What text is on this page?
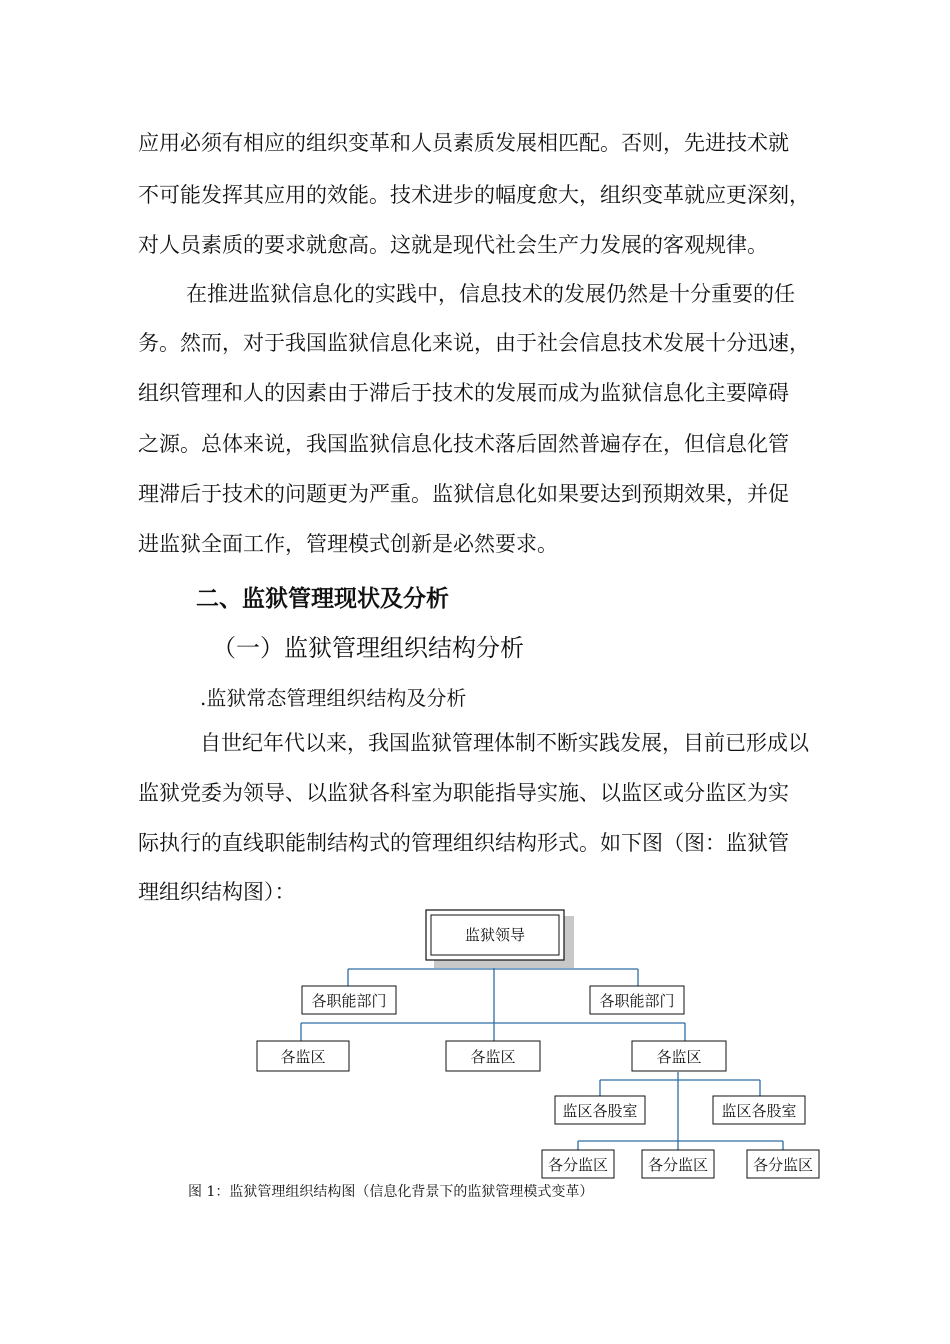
应用必须有相应的组织变革和人员素质发展相匹配。否则，先进技术就
不可能发挥其应用的效能。技术进步的幅度愈大，组织变革就应更深刻，
对人员素质的要求就愈高。这就是现代社会生产力发展的客观规律。
在推进监狱信息化的实践中，信息技术的发展仍然是十分重要的任
务。然而，对于我国监狱信息化来说，由于社会信息技术发展十分迅速，
组织管理和人的因素由于滞后于技术的发展而成为监狱信息化主要障碍
之源。总体来说，我国监狱信息化技术落后固然普遍存在，但信息化管
理滞后于技术的问题更为严重。监狱信息化如果要达到预期效果，并促
进监狱全面工作，管理模式创新是必然要求。
二、监狱管理现状及分析
（一）监狱管理组织结构分析
.监狱常态管理组织结构及分析
自世纪年代以来，我国监狱管理体制不断实践发展，目前已形成以
监狱党委为领导、以监狱各科室为职能指导实施、以监区或分监区为实
际执行的直线职能制结构式的管理组织结构形式。如下图（图：监狱管
理组织结构图）：
监狱领导
各职能部门	各职能部门
各监区	各监区	各监区
监区各股室	监区各股室
各分监区	各分监区	各分监区
图 1：监狱管理组织结构图（信息化背景下的监狱管理模式变革）
